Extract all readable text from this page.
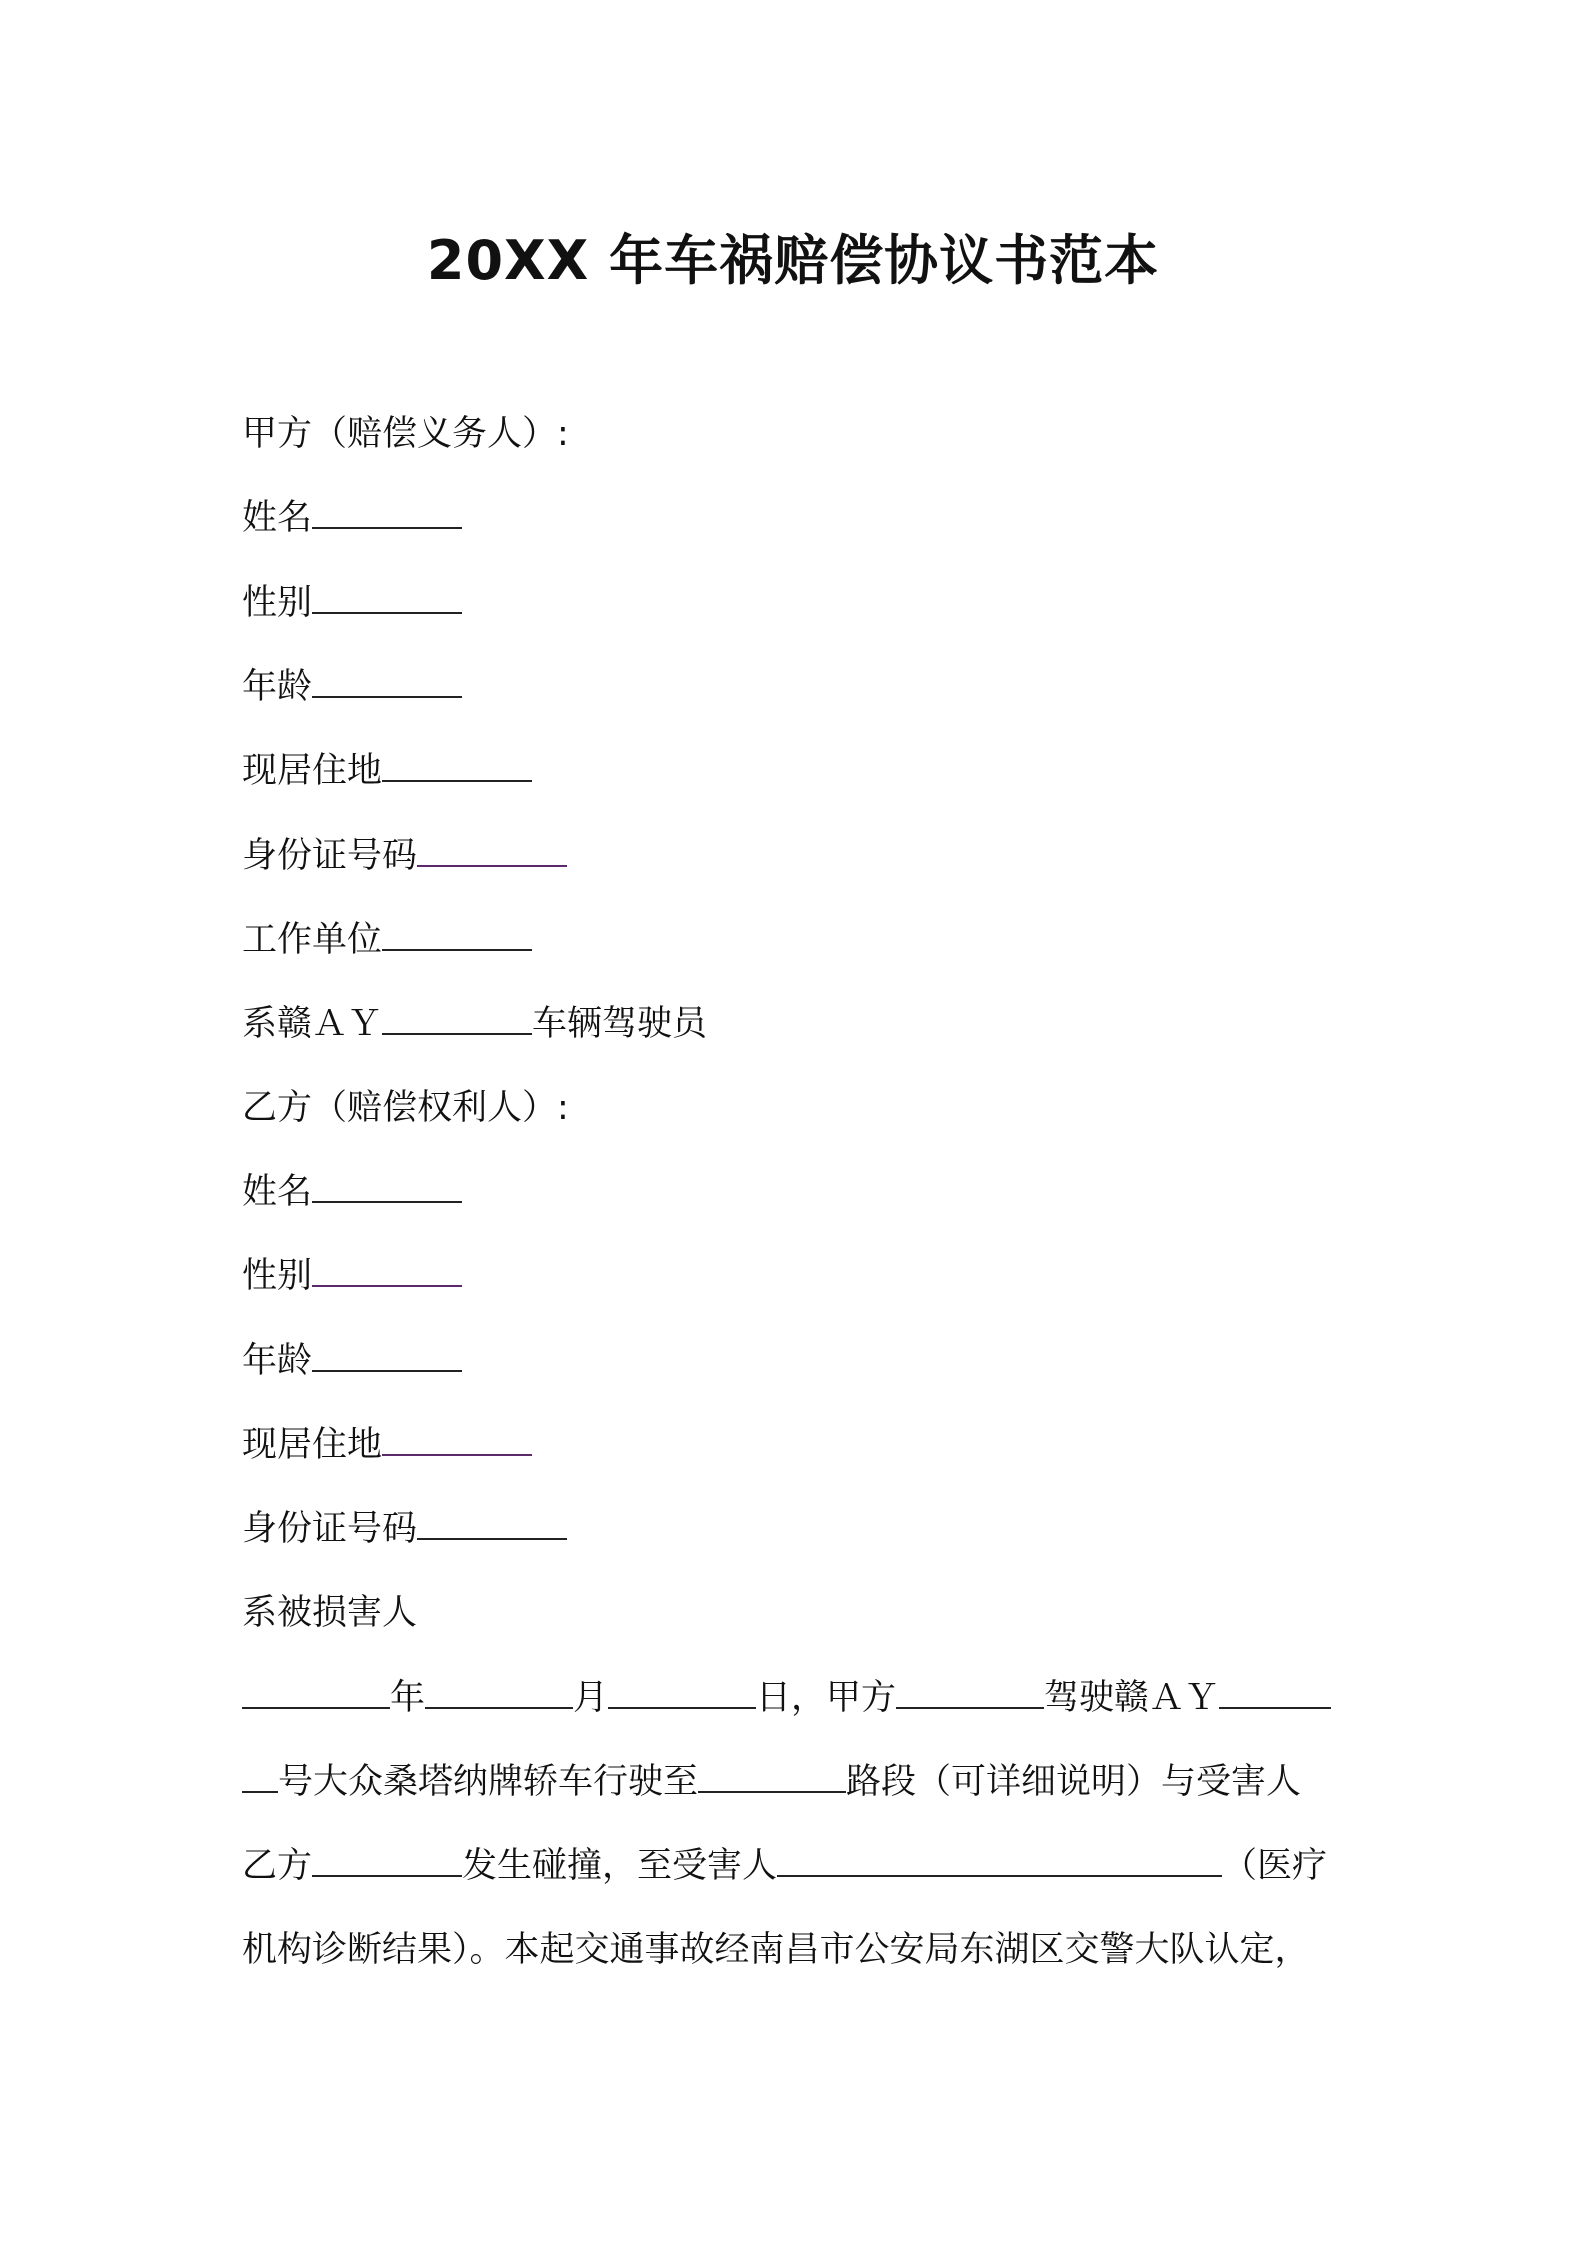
20XX 年车祸赔偿协议书范本
甲方（赔偿义务人）:
姓名
性别
年龄
现居住地
身份证号码
工作单位
系赣ＡＹ	车辆驾驶员
乙方（赔偿权利人）:
姓名
性别
年龄
现居住地
身份证号码
系被损害人
年	月	日，甲方	驾驶赣ＡＹ
号大众桑塔纳牌轿车行驶至	路段（可详细说明）与受害人
乙方	发生碰撞，至受害人	（医疗
机构诊断结果）。本起交通事故经南昌市公安局东湖区交警大队认定，
